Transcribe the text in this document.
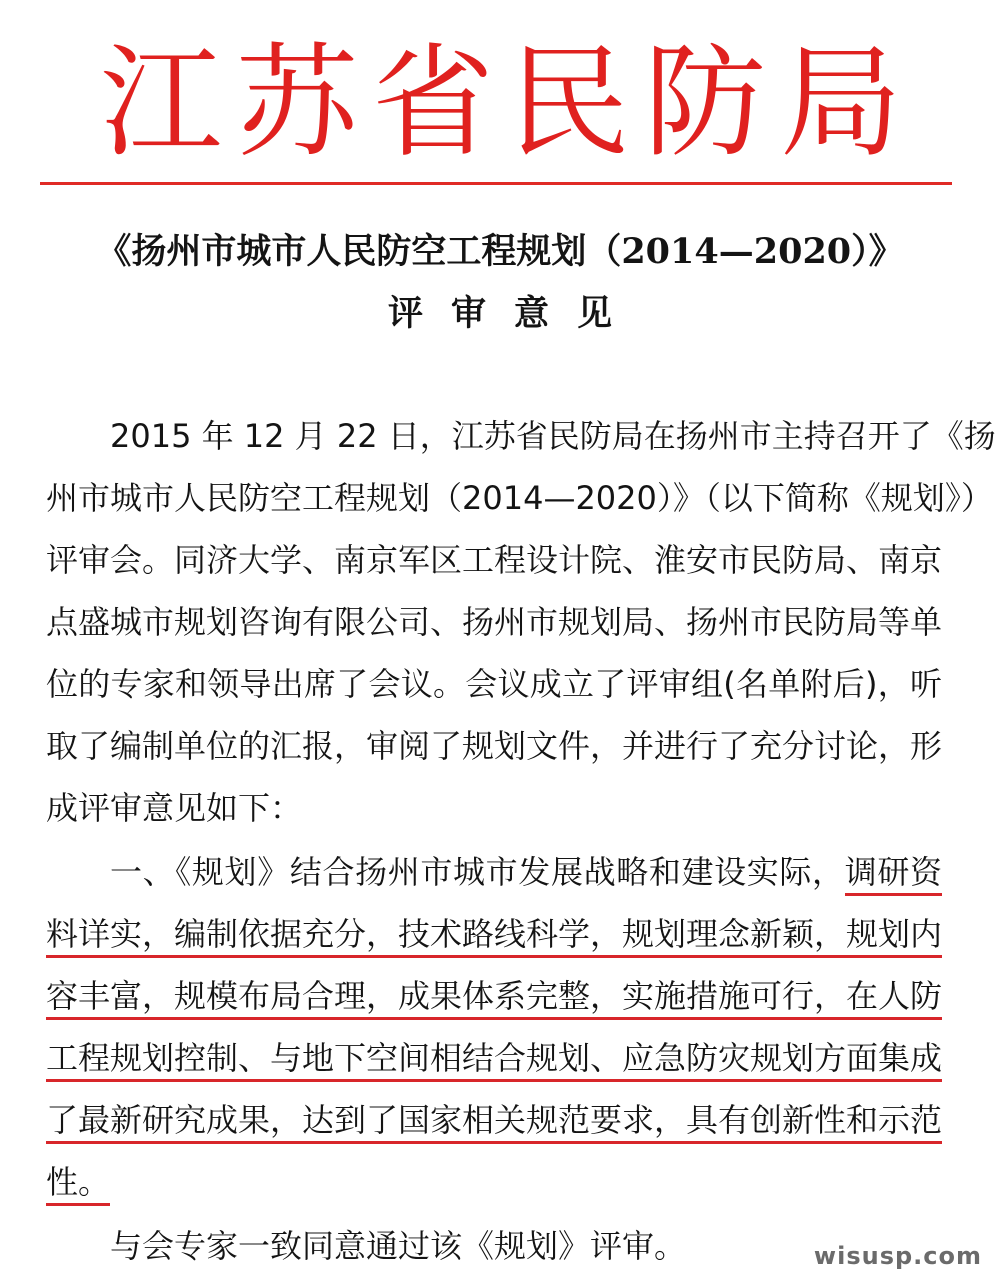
江 苏 省 民 防 局
《扬州市城市人民防空工程规划（2014—2020）》
评审意见
2015 年 12 月 22 日，江苏省民防局在扬州市主持召开了《扬
州市城市人民防空工程规划（2014—2020）》（以下简称《规划》）
评审会。同济大学、南京军区工程设计院、淮安市民防局、南京
点盛城市规划咨询有限公司、扬州市规划局、扬州市民防局等单
位的专家和领导出席了会议。会议成立了评审组(名单附后)，听
取了编制单位的汇报，审阅了规划文件，并进行了充分讨论，形
成评审意见如下：
一、《规划》结合扬州市城市发展战略和建设实际，调研资
料详实，编制依据充分，技术路线科学，规划理念新颖，规划内
容丰富，规模布局合理，成果体系完整，实施措施可行，在人防
工程规划控制、与地下空间相结合规划、应急防灾规划方面集成
了最新研究成果，达到了国家相关规范要求，具有创新性和示范
性。
与会专家一致同意通过该《规划》评审。	wisusp.com
